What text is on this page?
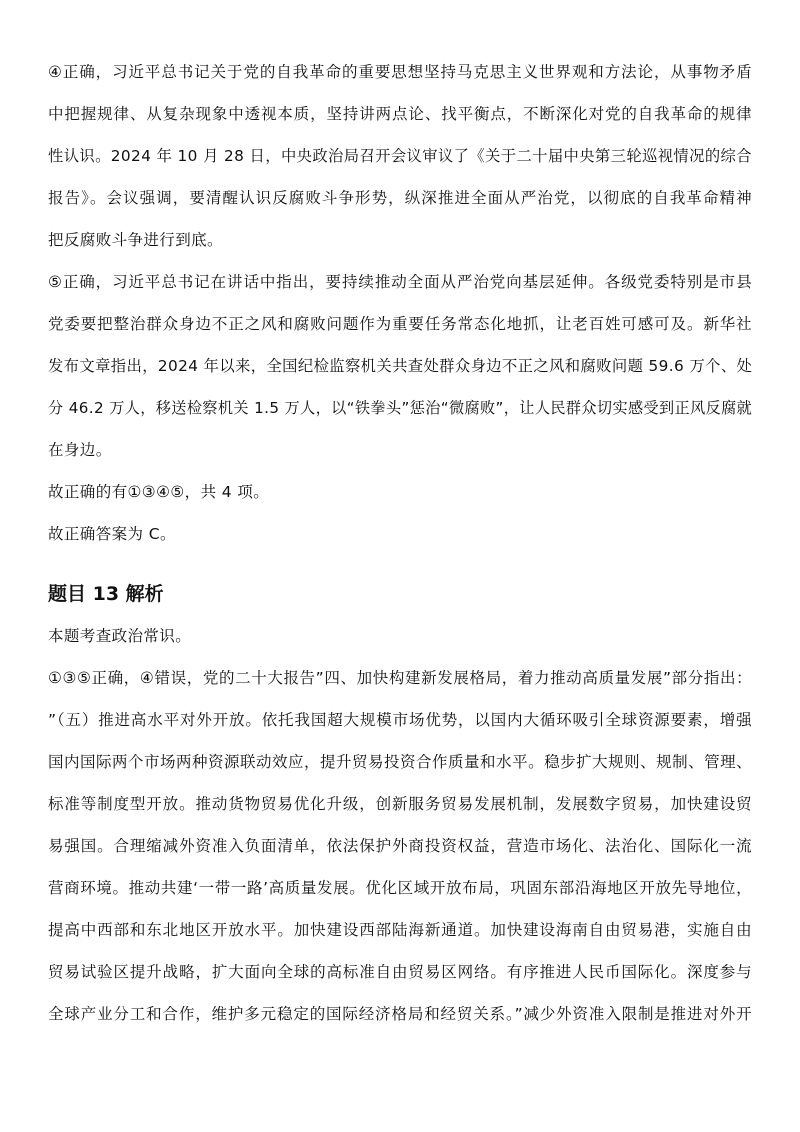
④正确，习近平总书记关于党的自我革命的重要思想坚持马克思主义世界观和方法论，从事物矛盾
中把握规律、从复杂现象中透视本质，坚持讲两点论、找平衡点，不断深化对党的自我革命的规律
性认识。2024 年 10 月 28 日，中央政治局召开会议审议了《关于二十届中央第三轮巡视情况的综合
报告》。会议强调，要清醒认识反腐败斗争形势，纵深推进全面从严治党，以彻底的自我革命精神
把反腐败斗争进行到底。
⑤正确，习近平总书记在讲话中指出，要持续推动全面从严治党向基层延伸。各级党委特别是市县
党委要把整治群众身边不正之风和腐败问题作为重要任务常态化地抓，让老百姓可感可及。新华社
发布文章指出，2024 年以来，全国纪检监察机关共查处群众身边不正之风和腐败问题 59.6 万个、处
分 46.2 万人，移送检察机关 1.5 万人，以“铁拳头”惩治“微腐败”，让人民群众切实感受到正风反腐就
在身边。
故正确的有①③④⑤，共 4 项。
故正确答案为 C。
题目 13 解析
本题考查政治常识。
①③⑤正确，④错误，党的二十大报告”四、加快构建新发展格局，着力推动高质量发展”部分指出：
”（五）推进高水平对外开放。依托我国超大规模市场优势，以国内大循环吸引全球资源要素，增强
国内国际两个市场两种资源联动效应，提升贸易投资合作质量和水平。稳步扩大规则、规制、管理、
标准等制度型开放。推动货物贸易优化升级，创新服务贸易发展机制，发展数字贸易，加快建设贸
易强国。合理缩减外资准入负面清单，依法保护外商投资权益，营造市场化、法治化、国际化一流
营商环境。推动共建‘一带一路’高质量发展。优化区域开放布局，巩固东部沿海地区开放先导地位，
提高中西部和东北地区开放水平。加快建设西部陆海新通道。加快建设海南自由贸易港，实施自由
贸易试验区提升战略，扩大面向全球的高标准自由贸易区网络。有序推进人民币国际化。深度参与
全球产业分工和合作，维护多元稳定的国际经济格局和经贸关系。”减少外资准入限制是推进对外开
